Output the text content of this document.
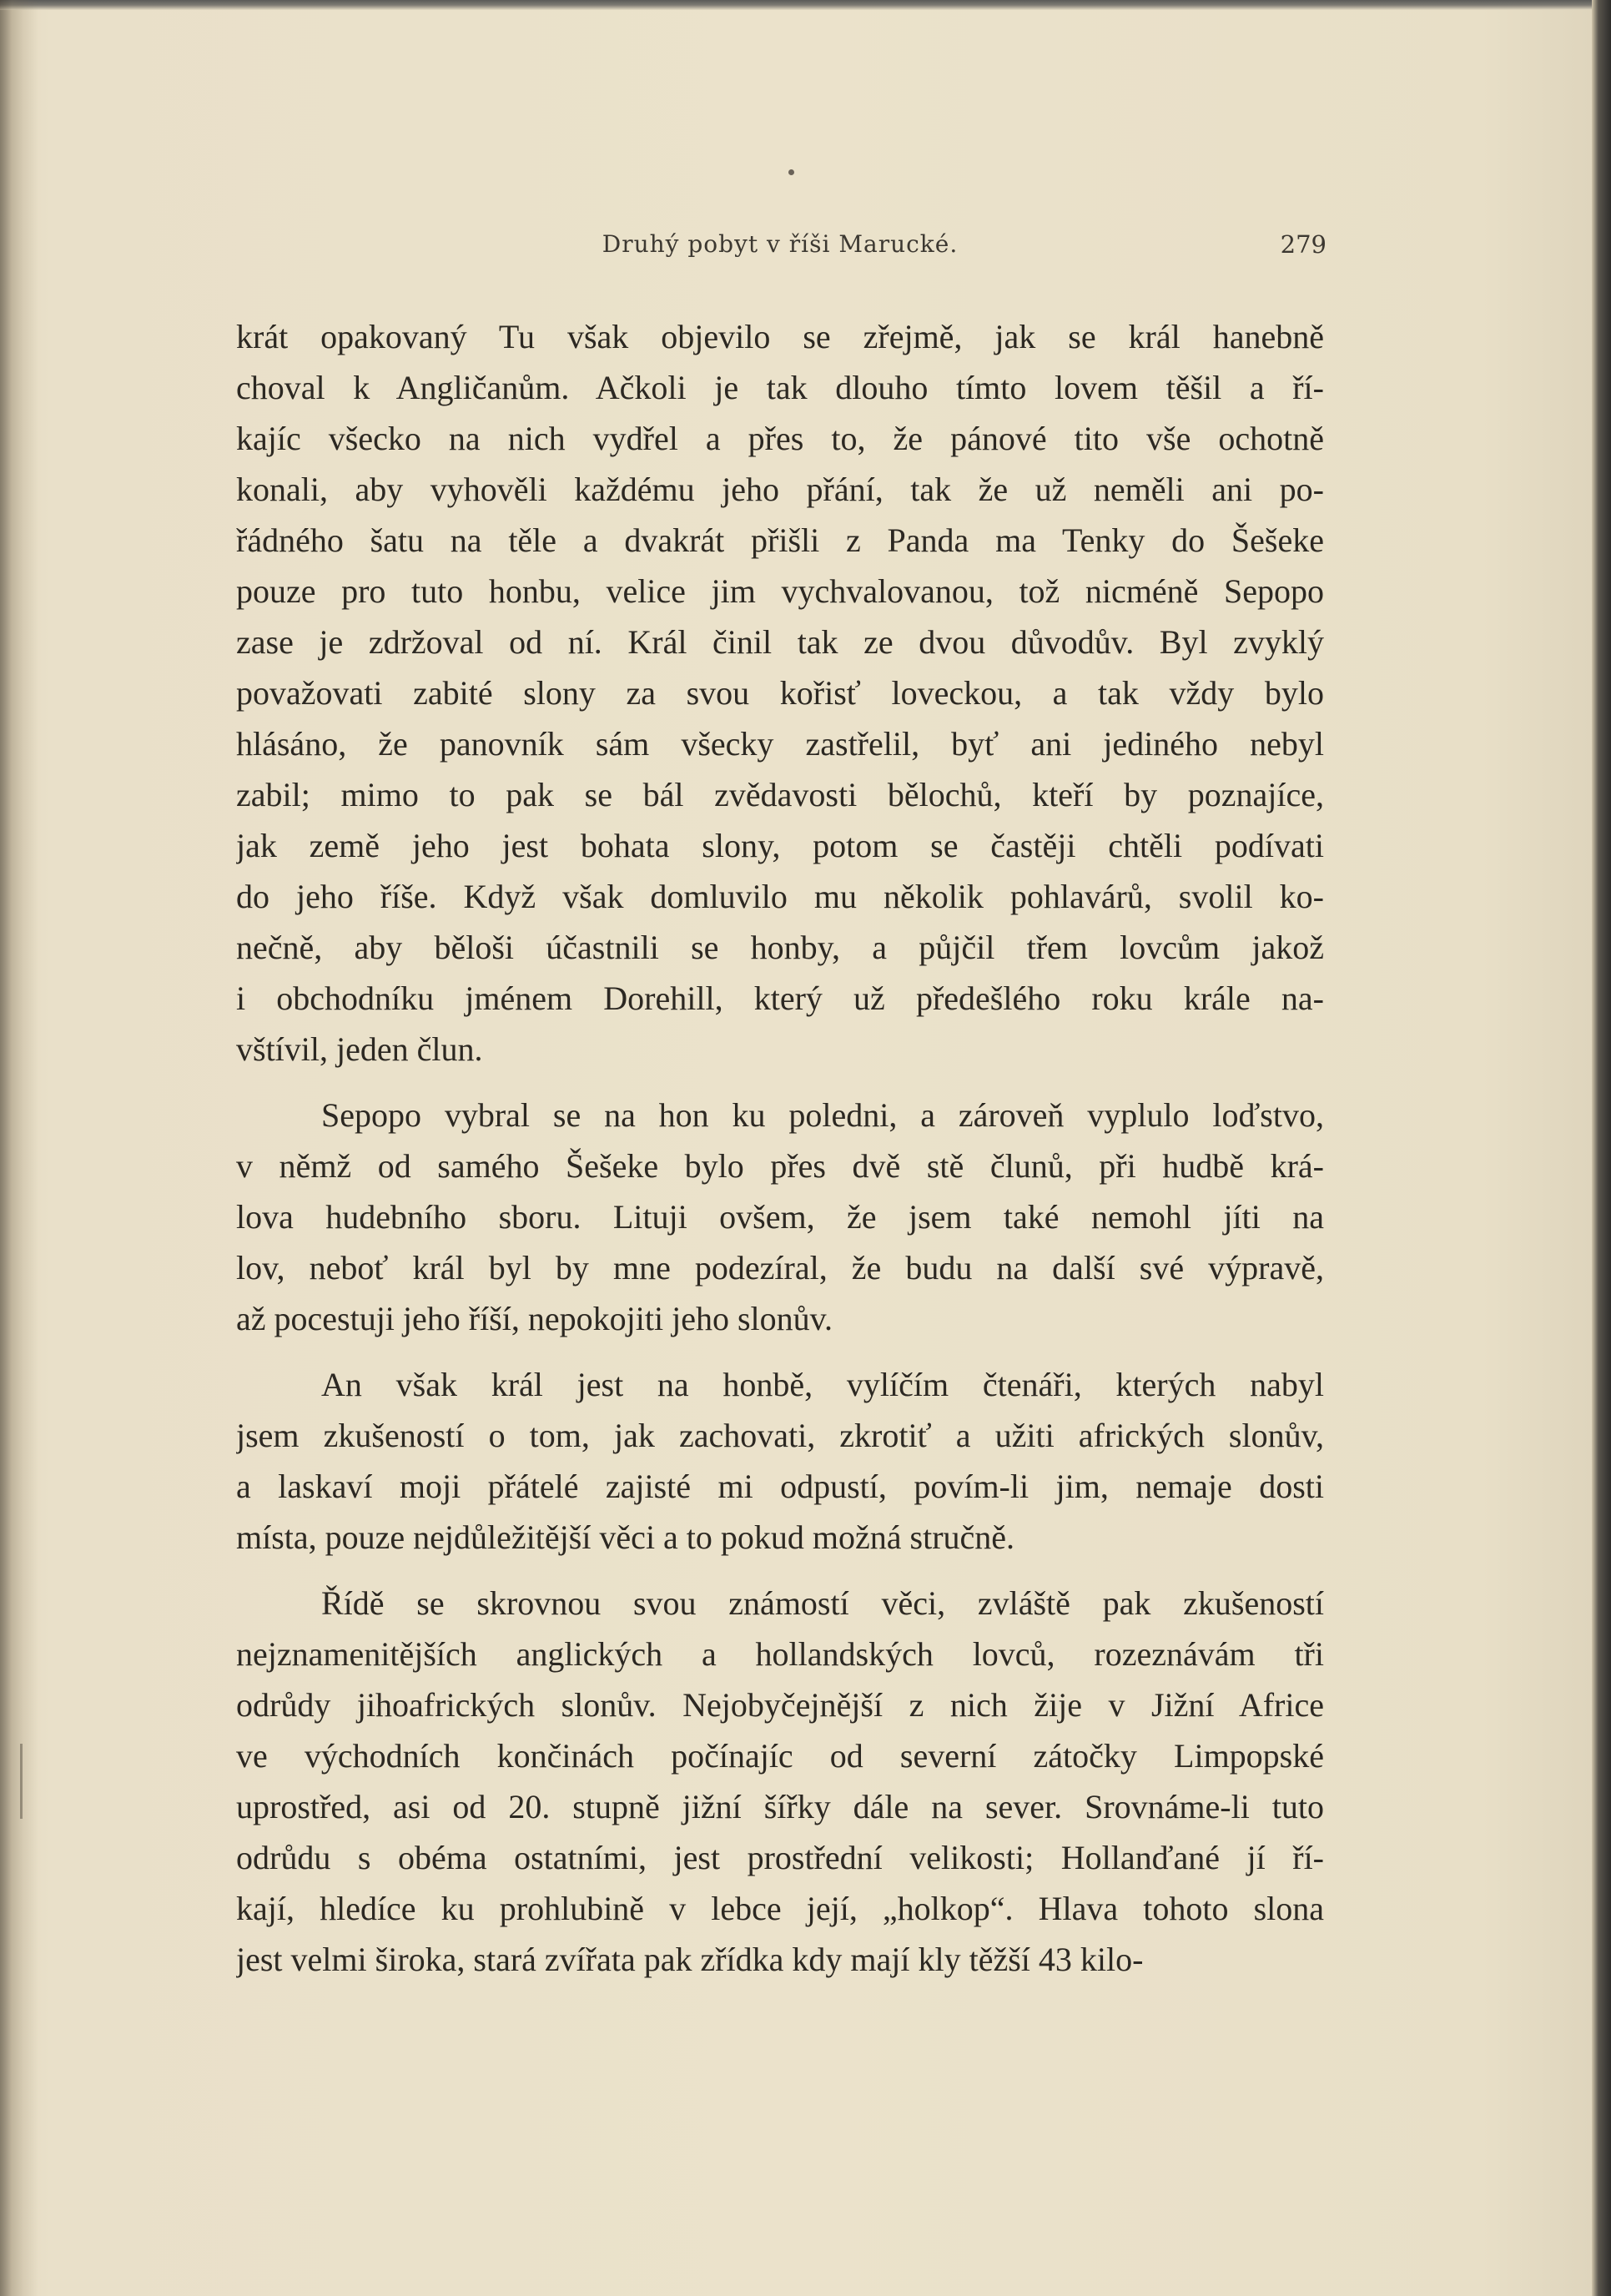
Druhý pobyt v říši Marucké.	279
krát opakovaný Tu však objevilo se zřejmě, jak se král hanebně
choval k Angličanům. Ačkoli je tak dlouho tímto lovem těšil a ří-
kajíc všecko na nich vydřel a přes to, že pánové tito vše ochotně
konali, aby vyhověli každému jeho přání, tak že už neměli ani po-
řádného šatu na těle a dvakrát přišli z Panda ma Tenky do Šešeke
pouze pro tuto honbu, velice jim vychvalovanou, tož nicméně Sepopo
zase je zdržoval od ní. Král činil tak ze dvou důvodův. Byl zvyklý
považovati zabité slony za svou kořisť loveckou, a tak vždy bylo
hlásáno, že panovník sám všecky zastřelil, byť ani jediného nebyl
zabil; mimo to pak se bál zvědavosti bělochů, kteří by poznajíce,
jak země jeho jest bohata slony, potom se častěji chtěli podívati
do jeho říše. Když však domluvilo mu několik pohlavárů, svolil ko-
nečně, aby běloši účastnili se honby, a půjčil třem lovcům jakož
i obchodníku jménem Dorehill, který už předešlého roku krále na-
vštívil, jeden člun.
Sepopo vybral se na hon ku poledni, a zároveň vyplulo loďstvo,
v němž od samého Šešeke bylo přes dvě stě člunů, při hudbě krá-
lova hudebního sboru. Lituji ovšem, že jsem také nemohl jíti na
lov, neboť král byl by mne podezíral, že budu na další své výpravě,
až pocestuji jeho říší, nepokojiti jeho slonův.
An však král jest na honbě, vylíčím čtenáři, kterých nabyl
jsem zkušeností o tom, jak zachovati, zkrotiť a užiti afrických slonův,
a laskaví moji přátelé zajisté mi odpustí, povím-li jim, nemaje dosti
místa, pouze nejdůležitější věci a to pokud možná stručně.
Řídě se skrovnou svou známostí věci, zvláště pak zkušeností
nejznamenitějších anglických a hollandských lovců, rozeznávám tři
odrůdy jihoafrických slonův. Nejobyčejnější z nich žije v Jižní Africe
ve východních končinách počínajíc od severní zátočky Limpopské
uprostřed, asi od 20. stupně jižní šířky dále na sever. Srovnáme-li tuto
odrůdu s obéma ostatními, jest prostřední velikosti; Hollanďané jí ří-
kají, hledíce ku prohlubině v lebce její, „holkop“. Hlava tohoto slona
jest velmi široka, stará zvířata pak zřídka kdy mají kly těžší 43 kilo-
